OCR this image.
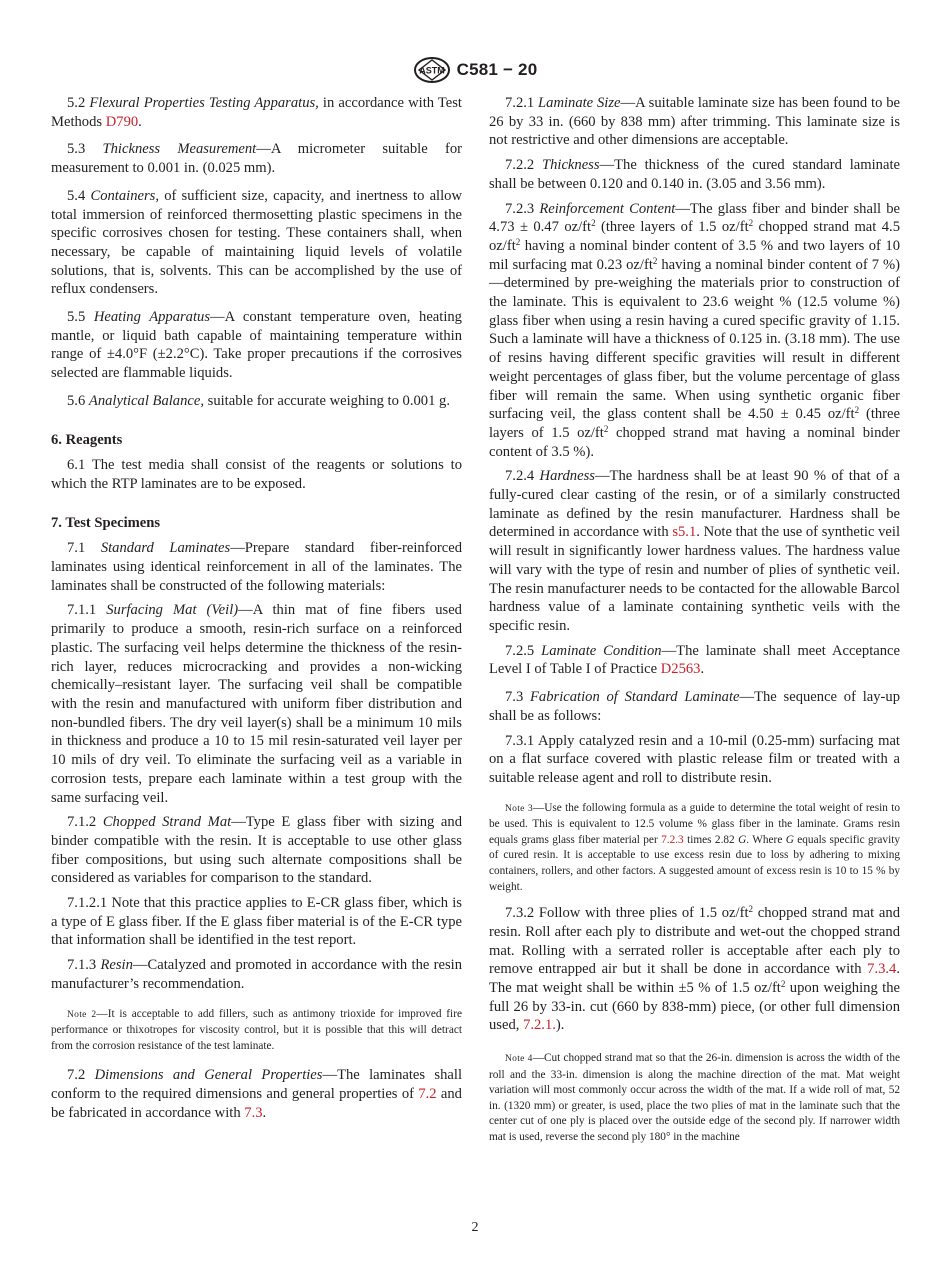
ASTM C581 − 20

5.2 Flexural Properties Testing Apparatus, in accordance with Test Methods D790.

5.3 Thickness Measurement—A micrometer suitable for measurement to 0.001 in. (0.025 mm).

5.4 Containers, of sufficient size, capacity, and inertness to allow total immersion of reinforced thermosetting plastic specimens in the specific corrosives chosen for testing. These containers shall, when necessary, be capable of maintaining liquid levels of volatile solutions, that is, solvents. This can be accomplished by the use of reflux condensers.

5.5 Heating Apparatus—A constant temperature oven, heating mantle, or liquid bath capable of maintaining temperature within range of ±4.0°F (±2.2°C). Take proper precautions if the corrosives selected are flammable liquids.

5.6 Analytical Balance, suitable for accurate weighing to 0.001 g.

6. Reagents

6.1 The test media shall consist of the reagents or solutions to which the RTP laminates are to be exposed.

7. Test Specimens

7.1 Standard Laminates—Prepare standard fiber-reinforced laminates using identical reinforcement in all of the laminates. The laminates shall be constructed of the following materials:

7.1.1 Surfacing Mat (Veil)—A thin mat of fine fibers used primarily to produce a smooth, resin-rich surface on a reinforced plastic. The surfacing veil helps determine the thickness of the resin-rich layer, reduces microcracking and provides a non-wicking chemically–resistant layer. The surfacing veil shall be compatible with the resin and manufactured with uniform fiber distribution and non-bundled fibers. The dry veil layer(s) shall be a minimum 10 mils in thickness and produce a 10 to 15 mil resin-saturated veil layer per 10 mils of dry veil. To eliminate the surfacing veil as a variable in corrosion tests, prepare each laminate within a test group with the same surfacing veil.

7.1.2 Chopped Strand Mat—Type E glass fiber with sizing and binder compatible with the resin. It is acceptable to use other glass fiber compositions, but using such alternate compositions shall be considered as variables for comparison to the standard.

7.1.2.1 Note that this practice applies to E-CR glass fiber, which is a type of E glass fiber. If the E glass fiber material is of the E-CR type that information shall be identified in the test report.

7.1.3 Resin—Catalyzed and promoted in accordance with the resin manufacturer’s recommendation.

Note 2—It is acceptable to add fillers, such as antimony trioxide for improved fire performance or thixotropes for viscosity control, but it is possible that this will detract from the corrosion resistance of the test laminate.

7.2 Dimensions and General Properties—The laminates shall conform to the required dimensions and general properties of 7.2 and be fabricated in accordance with 7.3.

7.2.1 Laminate Size—A suitable laminate size has been found to be 26 by 33 in. (660 by 838 mm) after trimming. This laminate size is not restrictive and other dimensions are acceptable.

7.2.2 Thickness—The thickness of the cured standard laminate shall be between 0.120 and 0.140 in. (3.05 and 3.56 mm).

7.2.3 Reinforcement Content—The glass fiber and binder shall be 4.73 ± 0.47 $oz/ft^2$ (three layers of 1.5 $oz/ft^2$ chopped strand mat 4.5 $oz/ft^2$ having a nominal binder content of 3.5 % and two layers of 10 mil surfacing mat 0.23 $oz/ft^2$ having a nominal binder content of 7 %)—determined by pre-weighing the materials prior to construction of the laminate. This is equivalent to 23.6 weight % (12.5 volume %) glass fiber when using a resin having a cured specific gravity of 1.15. Such a laminate will have a thickness of 0.125 in. (3.18 mm). The use of resins having different specific gravities will result in different weight percentages of glass fiber, but the volume percentage of glass fiber will remain the same. When using synthetic organic fiber surfacing veil, the glass content shall be 4.50 ± 0.45 $oz/ft^2$ (three layers of 1.5 $oz/ft^2$ chopped strand mat having a nominal binder content of 3.5 %).

7.2.4 Hardness—The hardness shall be at least 90 % of that of a fully-cured clear casting of the resin, or of a similarly constructed laminate as defined by the resin manufacturer. Hardness shall be determined in accordance with s5.1. Note that the use of synthetic veil will result in significantly lower hardness values. The hardness value will vary with the type of resin and number of plies of synthetic veil. The resin manufacturer needs to be contacted for the allowable Barcol hardness value of a laminate containing synthetic veils with the specific resin.

7.2.5 Laminate Condition—The laminate shall meet Acceptance Level I of Table I of Practice D2563.

7.3 Fabrication of Standard Laminate—The sequence of lay-up shall be as follows:

7.3.1 Apply catalyzed resin and a 10-mil (0.25-mm) surfacing mat on a flat surface covered with plastic release film or treated with a suitable release agent and roll to distribute resin.

Note 3—Use the following formula as a guide to determine the total weight of resin to be used. This is equivalent to 12.5 volume % glass fiber in the laminate. Grams resin equals grams glass fiber material per 7.2.3 times 2.82 G. Where G equals specific gravity of cured resin. It is acceptable to use excess resin due to loss by adhering to mixing containers, rollers, and other factors. A suggested amount of excess resin is 10 to 15 % by weight.

7.3.2 Follow with three plies of 1.5 $oz/ft^2$ chopped strand mat and resin. Roll after each ply to distribute and wet-out the chopped strand mat. Rolling with a serrated roller is acceptable after each ply to remove entrapped air but it shall be done in accordance with 7.3.4. The mat weight shall be within ±5 % of 1.5 $oz/ft^2$ upon weighing the full 26 by 33-in. cut (660 by 838-mm) piece, (or other full dimension used, 7.2.1.).

Note 4—Cut chopped strand mat so that the 26-in. dimension is across the width of the roll and the 33-in. dimension is along the machine direction of the mat. Mat weight variation will most commonly occur across the width of the mat. If a wide roll of mat, 52 in. (1320 mm) or greater, is used, place the two plies of mat in the laminate such that the center cut of one ply is placed over the outside edge of the second ply. If narrower width mat is used, reverse the second ply 180° in the machine

2
